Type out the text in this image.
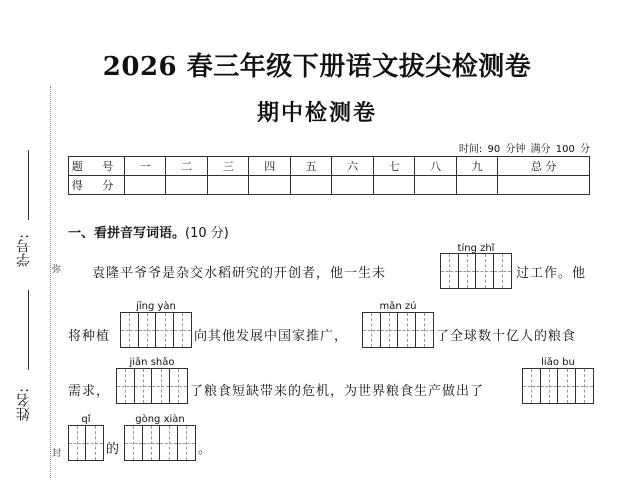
学号:
弥
姓名:
封
2026 春三年级下册语文拔尖检测卷
期中检测卷
时间: 90 分钟 满分 100 分
题 号	一	二	三	四	五	六	七	八	九	总 分
得 分										
一、看拼音写词语。(10 分)
袁隆平爷爷是杂交水稻研究的开创者，他一生未
tíng zhǐ
过工作。他
将种植
jīng yàn
向其他发展中国家推广，
mǎn zú
了全球数十亿人的粮食
需求，
jiǎn shǎo
了粮食短缺带来的危机，为世界粮食生产做出了
liǎo bu
qǐ
的
gòng xiàn
。
